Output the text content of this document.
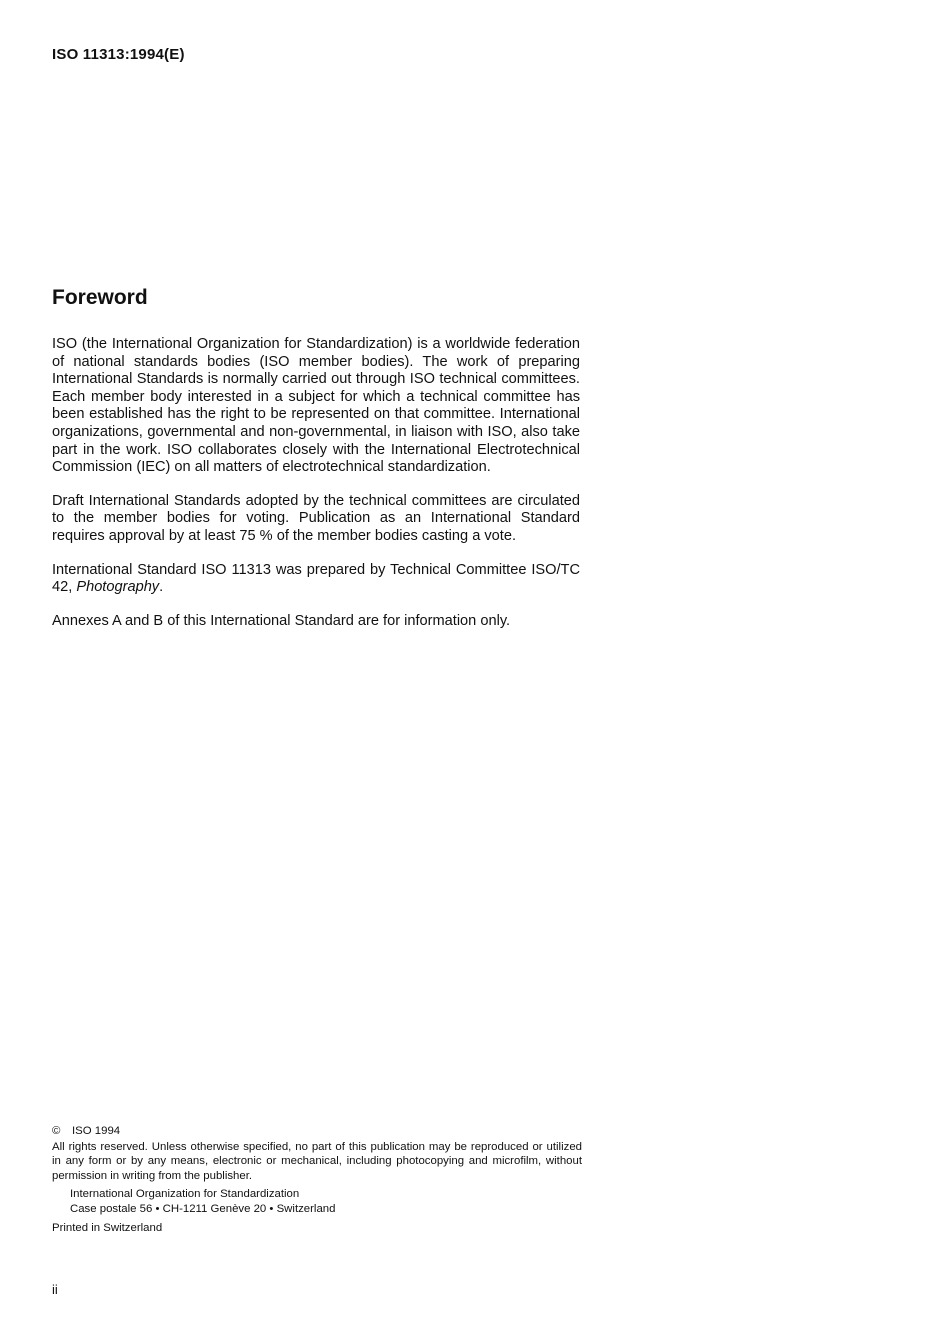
ISO 11313:1994(E)
Foreword

ISO (the International Organization for Standardization) is a worldwide federation of national standards bodies (ISO member bodies). The work of preparing International Standards is normally carried out through ISO technical committees. Each member body interested in a subject for which a technical committee has been established has the right to be represented on that committee. International organizations, governmental and non-governmental, in liaison with ISO, also take part in the work. ISO collaborates closely with the International Electrotechnical Commission (IEC) on all matters of electrotechnical standardization.

Draft International Standards adopted by the technical committees are circulated to the member bodies for voting. Publication as an International Standard requires approval by at least 75 % of the member bodies casting a vote.

International Standard ISO 11313 was prepared by Technical Committee ISO/TC 42, Photography.

Annexes A and B of this International Standard are for information only.

© ISO 1994

All rights reserved. Unless otherwise specified, no part of this publication may be reproduced or utilized in any form or by any means, electronic or mechanical, including photocopying and microfilm, without permission in writing from the publisher.

International Organization for Standardization
Case postale 56 • CH-1211 Genève 20 • Switzerland
Printed in Switzerland
ii
